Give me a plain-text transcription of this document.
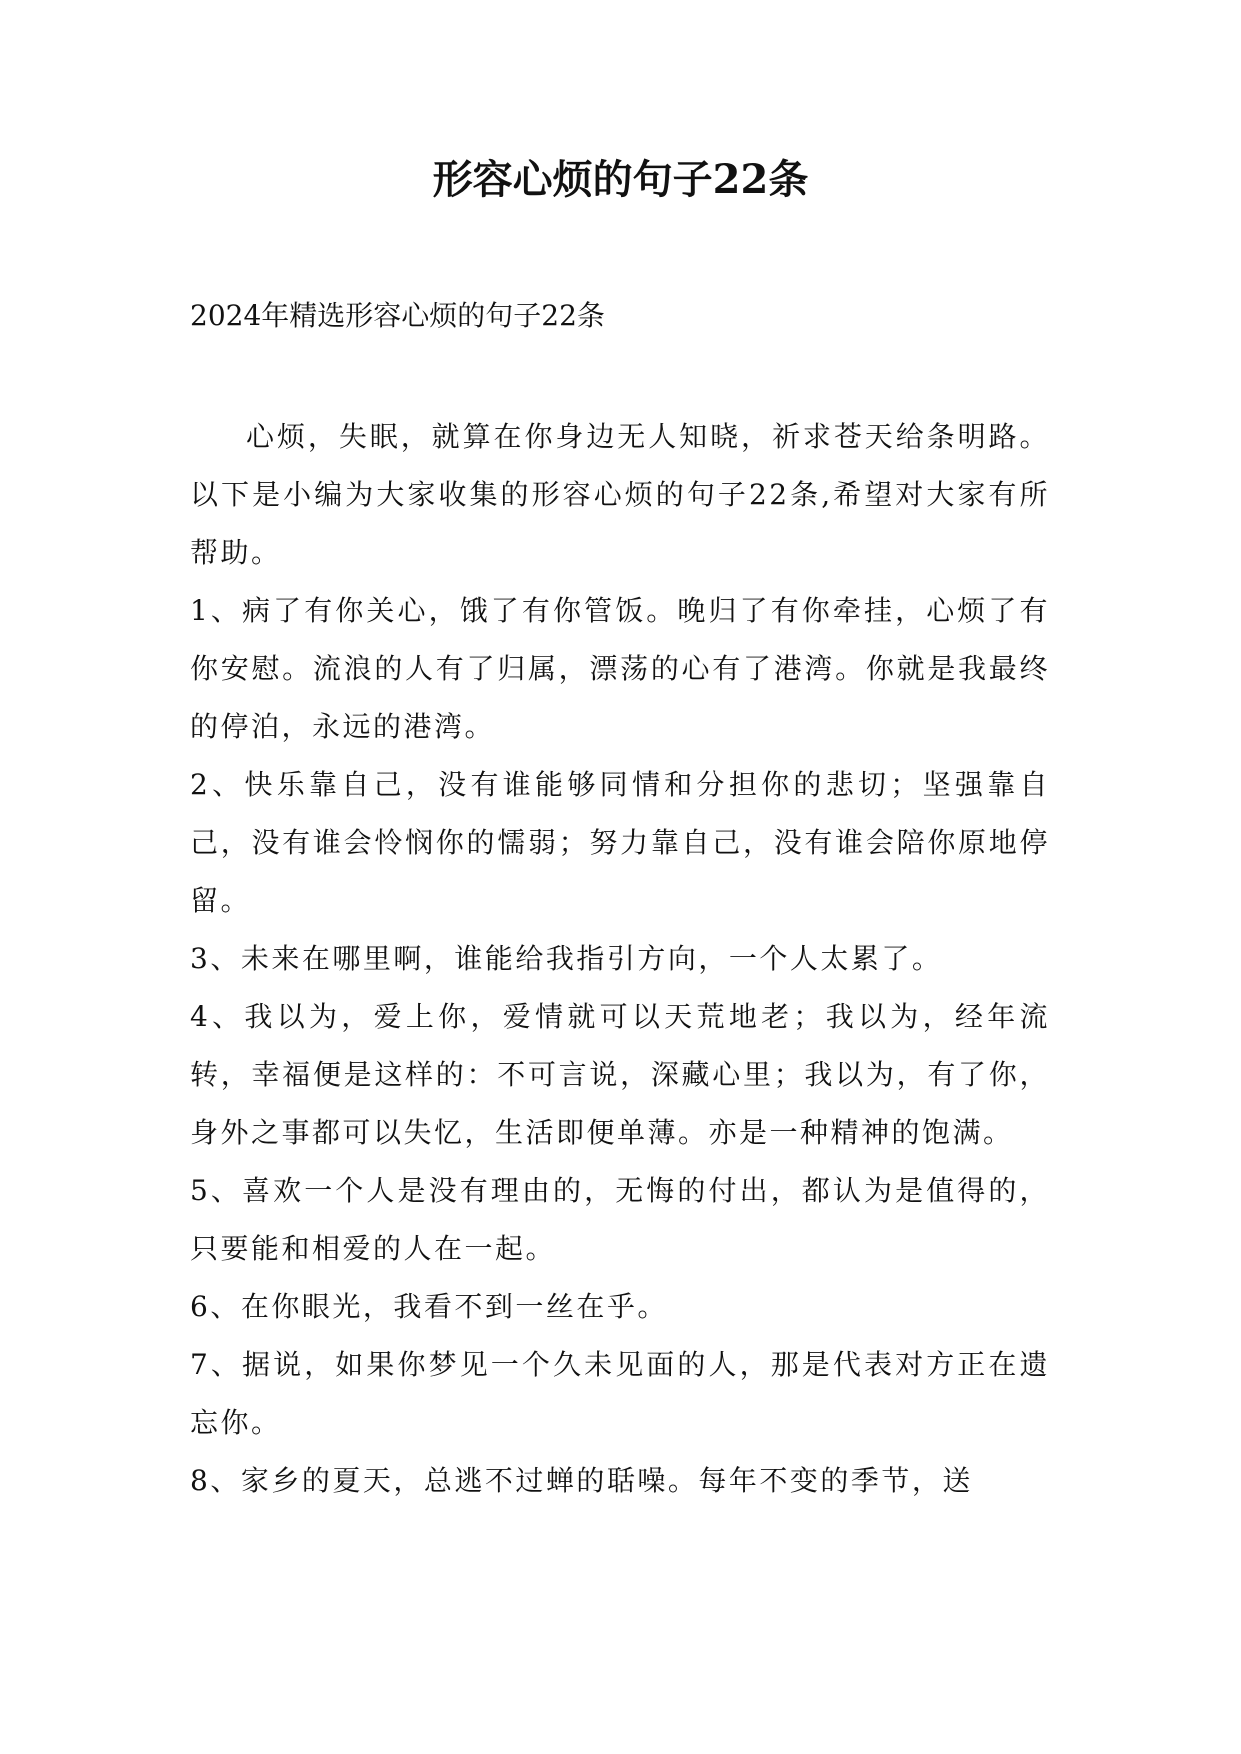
形容心烦的句子22条

2024年精选形容心烦的句子22条

心烦，失眠，就算在你身边无人知晓，祈求苍天给条明路。以下是小编为大家收集的形容心烦的句子22条,希望对大家有所帮助。

1、病了有你关心，饿了有你管饭。晚归了有你牵挂，心烦了有你安慰。流浪的人有了归属，漂荡的心有了港湾。你就是我最终的停泊，永远的港湾。

2、快乐靠自己，没有谁能够同情和分担你的悲切；坚强靠自己，没有谁会怜悯你的懦弱；努力靠自己，没有谁会陪你原地停留。

3、未来在哪里啊，谁能给我指引方向，一个人太累了。

4、我以为，爱上你，爱情就可以天荒地老；我以为，经年流转，幸福便是这样的：不可言说，深藏心里；我以为，有了你，身外之事都可以失忆，生活即便单薄。亦是一种精神的饱满。

5、喜欢一个人是没有理由的，无悔的付出，都认为是值得的，只要能和相爱的人在一起。

6、在你眼光，我看不到一丝在乎。

7、据说，如果你梦见一个久未见面的人，那是代表对方正在遗忘你。

8、家乡的夏天，总逃不过蝉的聒噪。每年不变的季节，送
